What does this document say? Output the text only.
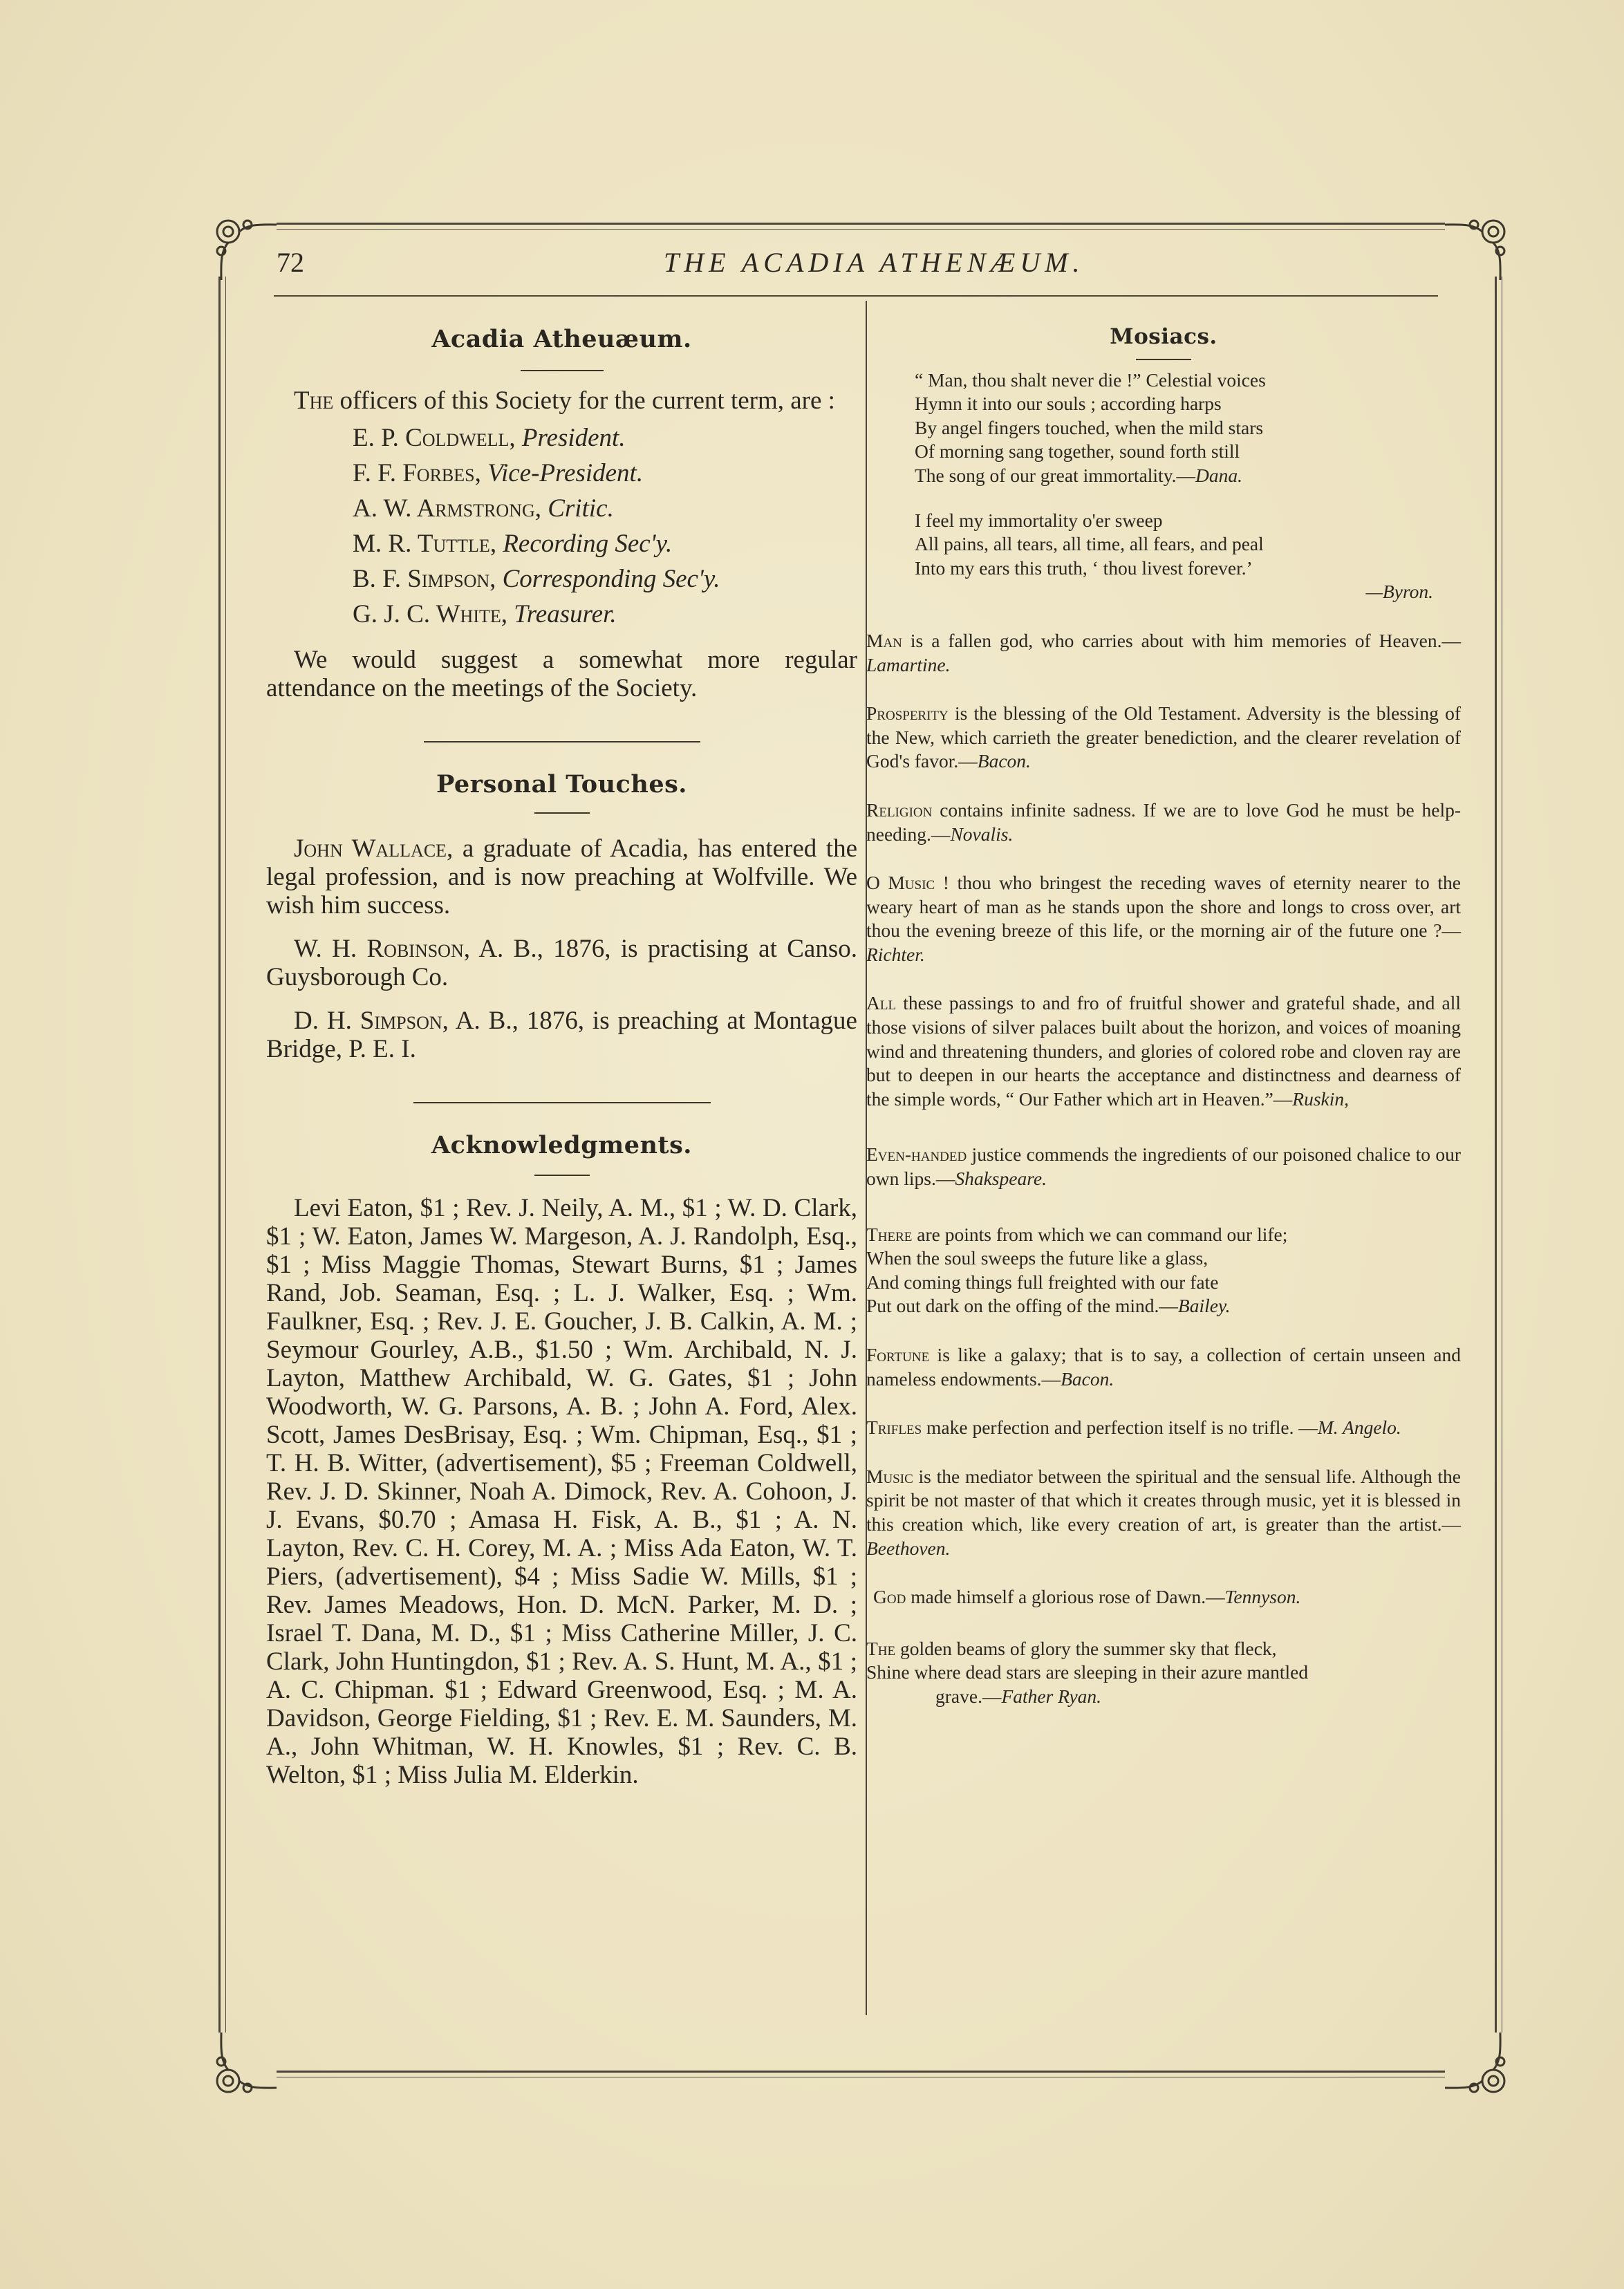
72	THE ACADIA ATHENÆUM.
Acadia Atheuæum.

The officers of this Society for the current term, are :

E. P. Coldwell, President.
F. F. Forbes, Vice-President.
A. W. Armstrong, Critic.
M. R. Tuttle, Recording Sec'y.
B. F. Simpson, Corresponding Sec'y.
G. J. C. White, Treasurer.

We would suggest a somewhat more regular attendance on the meetings of the Society.

Personal Touches.

John Wallace, a graduate of Acadia, has entered the legal profession, and is now preaching at Wolfville. We wish him success.

W. H. Robinson, A. B., 1876, is practising at Canso. Guysborough Co.

D. H. Simpson, A. B., 1876, is preaching at Montague Bridge, P. E. I.

Acknowledgments.

Levi Eaton, $1 ; Rev. J. Neily, A. M., $1 ; W. D. Clark, $1 ; W. Eaton, James W. Margeson, A. J. Randolph, Esq., $1 ; Miss Maggie Thomas, Stewart Burns, $1 ; James Rand, Job. Seaman, Esq. ; L. J. Walker, Esq. ; Wm. Faulkner, Esq. ; Rev. J. E. Goucher, J. B. Calkin, A. M. ; Seymour Gourley, A.B., $1.50 ; Wm. Archibald, N. J. Layton, Matthew Archibald, W. G. Gates, $1 ; John Woodworth, W. G. Parsons, A. B. ; John A. Ford, Alex. Scott, James DesBrisay, Esq. ; Wm. Chipman, Esq., $1 ; T. H. B. Witter, (advertisement), $5 ; Freeman Coldwell, Rev. J. D. Skinner, Noah A. Dimock, Rev. A. Cohoon, J. J. Evans, $0.70 ; Amasa H. Fisk, A. B., $1 ; A. N. Layton, Rev. C. H. Corey, M. A. ; Miss Ada Eaton, W. T. Piers, (advertisement), $4 ; Miss Sadie W. Mills, $1 ; Rev. James Meadows, Hon. D. McN. Parker, M. D. ; Israel T. Dana, M. D., $1 ; Miss Catherine Miller, J. C. Clark, John Huntingdon, $1 ; Rev. A. S. Hunt, M. A., $1 ; A. C. Chipman. $1 ; Edward Greenwood, Esq. ; M. A. Davidson, George Fielding, $1 ; Rev. E. M. Saunders, M. A., John Whitman, W. H. Knowles, $1 ; Rev. C. B. Welton, $1 ; Miss Julia M. Elderkin.

Mosiacs.
“ Man, thou shalt never die !” Celestial voices
Hymn it into our souls ; according harps
By angel fingers touched, when the mild stars
Of morning sang together, sound forth still
The song of our great immortality.—Dana.
I feel my immortality o'er sweep
All pains, all tears, all time, all fears, and peal
Into my ears this truth, ‘ thou livest forever.’
—Byron.

Man is a fallen god, who carries about with him memories of Heaven.—Lamartine.

Prosperity is the blessing of the Old Testament. Adversity is the blessing of the New, which carrieth the greater benediction, and the clearer revelation of God's favor.—Bacon.

Religion contains infinite sadness. If we are to love God he must be help-needing.—Novalis.

O Music ! thou who bringest the receding waves of eternity nearer to the weary heart of man as he stands upon the shore and longs to cross over, art thou the evening breeze of this life, or the morning air of the future one ?—Richter.

All these passings to and fro of fruitful shower and grateful shade, and all those visions of silver palaces built about the horizon, and voices of moaning wind and threatening thunders, and glories of colored robe and cloven ray are but to deepen in our hearts the acceptance and distinctness and dearness of the simple words, “ Our Father which art in Heaven.”—Ruskin,

Even-handed justice commends the ingredients of our poisoned chalice to our own lips.—Shakspeare.

There are points from which we can command our life;
When the soul sweeps the future like a glass,
And coming things full freighted with our fate
Put out dark on the offing of the mind.—Bailey.

Fortune is like a galaxy; that is to say, a collection of certain unseen and nameless endowments.—Bacon.

Trifles make perfection and perfection itself is no trifle. —M. Angelo.

Music is the mediator between the spiritual and the sensual life. Although the spirit be not master of that which it creates through music, yet it is blessed in this creation which, like every creation of art, is greater than the artist.—Beethoven.

God made himself a glorious rose of Dawn.—Tennyson.

The golden beams of glory the summer sky that fleck,
Shine where dead stars are sleeping in their azure mantled
grave.—Father Ryan.
